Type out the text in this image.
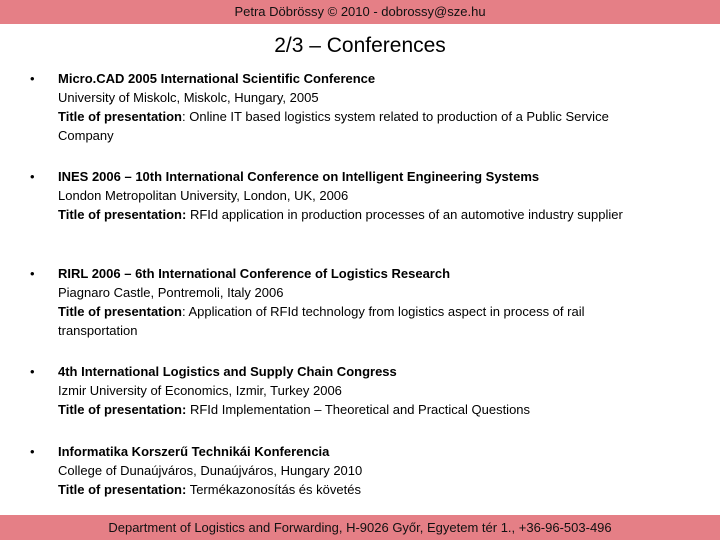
Petra Döbrössy © 2010 - dobrossy@sze.hu
2/3 – Conferences
• Micro.CAD 2005 International Scientific Conference
University of Miskolc, Miskolc, Hungary, 2005
Title of presentation: Online IT based logistics system related to production of a Public Service Company
• INES 2006 – 10th International Conference on Intelligent Engineering Systems
London Metropolitan University, London, UK, 2006
Title of presentation: RFId application in production processes of an automotive industry supplier
• RIRL 2006 – 6th International Conference of Logistics Research
Piagnaro Castle, Pontremoli, Italy 2006
Title of presentation: Application of RFId technology from logistics aspect in process of rail transportation
• 4th International Logistics and Supply Chain Congress
Izmir University of Economics, Izmir, Turkey 2006
Title of presentation: RFId Implementation – Theoretical and Practical Questions
• Informatika Korszerű Technikái Konferencia
College of Dunaújváros, Dunaújváros, Hungary 2010
Title of presentation: Termékazonosítás és követés
Department of Logistics and Forwarding, H-9026 Győr, Egyetem tér 1., +36-96-503-496
